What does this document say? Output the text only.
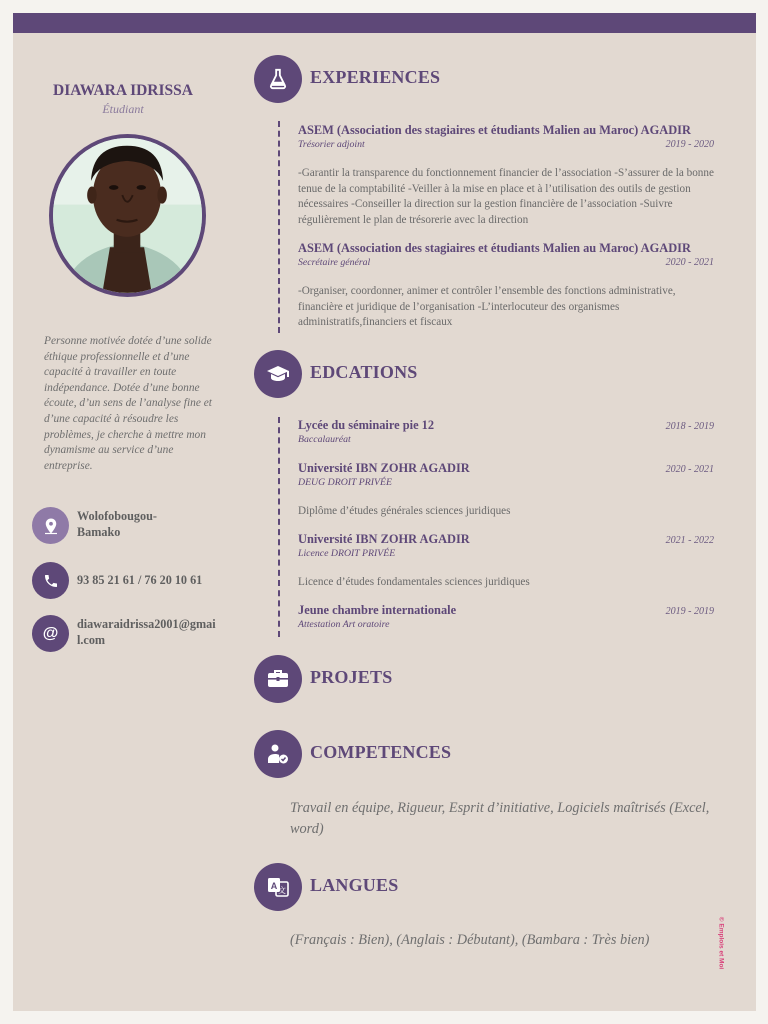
DIAWARA IDRISSA
Étudiant
Personne motivée dotée d’une solide éthique professionnelle et d’une capacité à travailler en toute indépendance. Dotée d’une bonne écoute, d’un sens de l’analyse fine et d’une capacité à résoudre les problèmes, je cherche à mettre mon dynamisme au service d’une entreprise.
Wolofobougou-Bamako
93 85 21 61 / 76 20 10 61
@
diawaraidrissa2001@gmail.com
EXPERIENCES
ASEM (Association des stagiaires et étudiants Malien au Maroc) AGADIR
Trésorier adjoint	2019 - 2020
-Garantir la transparence du fonctionnement financier de l’association -S’assurer de la bonne tenue de la comptabilité -Veiller à la mise en place et à l’utilisation des outils de gestion nécessaires -Conseiller la direction sur la gestion financière de l’association -Suivre régulièrement le plan de trésorerie avec la direction
ASEM (Association des stagiaires et étudiants Malien au Maroc) AGADIR
Secrétaire général	2020 - 2021
-Organiser, coordonner, animer et contrôler l’ensemble des fonctions administrative, financière et juridique de l’organisation -L’interlocuteur des organismes administratifs,financiers et fiscaux
EDCATIONS
Lycée du séminaire pie 12	2018 - 2019
Baccalauréat
Université IBN ZOHR AGADIR	2020 - 2021
DEUG DROIT PRIVÉE
Diplôme d’études générales sciences juridiques
Université IBN ZOHR AGADIR	2021 - 2022
Licence DROIT PRIVÉE
Licence d’études fondamentales sciences juridiques
Jeune chambre internationale	2019 - 2019
Attestation Art oratoire
PROJETS
COMPETENCES
Travail en équipe, Rigueur, Esprit d’initiative, Logiciels maîtrisés (Excel, word)
A 文 LANGUES
(Français : Bien), (Anglais : Débutant), (Bambara : Très bien)	© Emplois et Moi
